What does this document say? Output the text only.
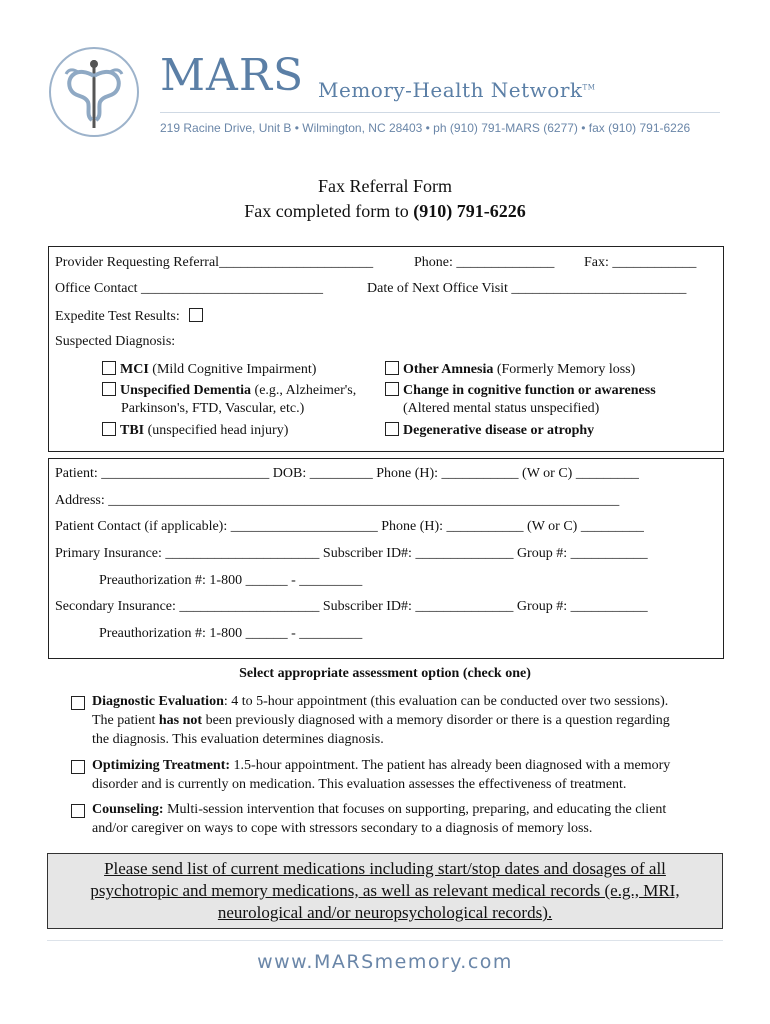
MARS Memory-Health Network™
219 Racine Drive, Unit B • Wilmington, NC 28403 • ph (910) 791-MARS (6277) • fax (910) 791-6226
Fax Referral Form
Fax completed form to (910) 791-6226
Provider Requesting Referral______________________	Phone: ______________ Fax: ____________
Office Contact __________________________	Date of Next Office Visit _________________________
Expedite Test Results:
Suspected Diagnosis:
MCI (Mild Cognitive Impairment)
Unspecified Dementia (e.g., Alzheimer's,
Parkinson's, FTD, Vascular, etc.)
TBI (unspecified head injury)
Other Amnesia (Formerly Memory loss)
Change in cognitive function or awareness
(Altered mental status unspecified)
Degenerative disease or atrophy
Patient: ________________________ DOB: _________ Phone (H): ___________ (W or C) _________
Address: _________________________________________________________________________
Patient Contact (if applicable): _____________________ Phone (H): ___________ (W or C) _________
Primary Insurance: ______________________ Subscriber ID#: ______________ Group #: ___________
Preauthorization #: 1-800 ______ - _________
Secondary Insurance: ____________________ Subscriber ID#: ______________ Group #: ___________
Preauthorization #: 1-800 ______ - _________
Select appropriate assessment option (check one)
Diagnostic Evaluation: 4 to 5-hour appointment (this evaluation can be conducted over two sessions).
The patient has not been previously diagnosed with a memory disorder or there is a question regarding
the diagnosis. This evaluation determines diagnosis.
Optimizing Treatment: 1.5-hour appointment. The patient has already been diagnosed with a memory
disorder and is currently on medication. This evaluation assesses the effectiveness of treatment.
Counseling: Multi-session intervention that focuses on supporting, preparing, and educating the client
and/or caregiver on ways to cope with stressors secondary to a diagnosis of memory loss.
Please send list of current medications including start/stop dates and dosages of all
psychotropic and memory medications, as well as relevant medical records (e.g., MRI,
neurological and/or neuropsychological records).
www.MARSmemory.com
